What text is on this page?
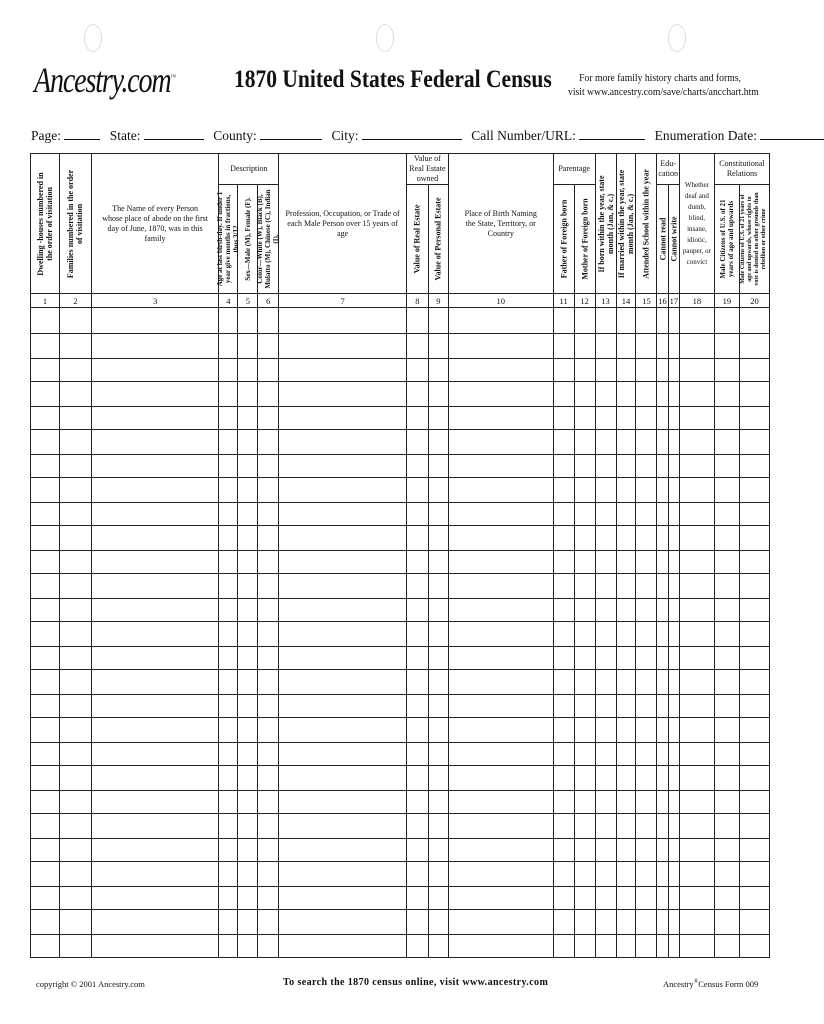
Ancestry.com™ 1870 United States Federal Census	For more family history charts and forms,
visit www.ancestry.com/save/charts/ancchart.htm
Page:	State:	County:	City:	Call Number/URL:	Enumeration Date:
Dwelling -houses numbered in the order of visitation	Families numbered in the order of visitation	The Name of every Person whose place of abode on the first day of June, 1870, was in this family	Description			Profession, Occupation, or Trade of each Male Person over 15 years of age	Value of Real Estate owned		Place of Birth Naming the State, Territory, or Country	Parentage		If born within the year, state month (Jan, & c.)	If married within the year, state month (Jan, & c.)	Attended School within the year	Edu- cation		Whether deaf and dumb, blind, insane, idiotic, pauper, or convict	Constitutional Relations	

			Age at last birth-day. If under 1 year give months in fractions, thus 3/12	Sex—Male (M), Female (F).	Color—White (W), Black (B), Mulatto (M), Chinese (C), Indian (I).		Value of Real Estate	Value of Personal Estate		Father of Foreign born	Mother of Foreign born				Cannot read	Cannot write		Male Citizens of U.S. of 21 years of age and upwards	Male Citizens of U.S. of 21 years of age and upwards, whose rights to vote is denied on other grounds than rebellion or other crime

1	2	3	4	5	6	7	8	9	10	11	12	13	14	15	16	17	18	19	20

copyright © 2001 Ancestry.com	To search the 1870 census online, visit www.ancestry.com	Ancestry®Census Form 009
